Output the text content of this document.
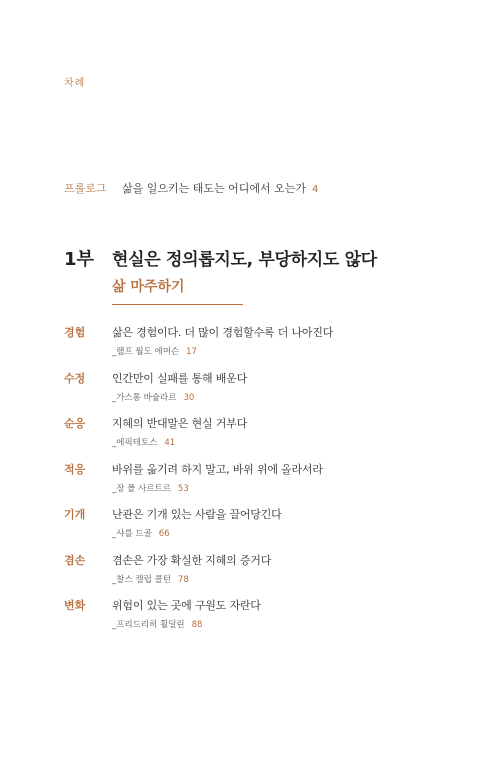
차례
프롤로그	삶을 일으키는 태도는 어디에서 오는가 4
1부	현실은 정의롭지도, 부당하지도 않다
삶 마주하기
경험 삶은 경험이다. 더 많이 경험할수록 더 나아진다
_랠프 월도 에머슨 17
수정 인간만이 실패를 통해 배운다
_가스통 바슐라르 30
순응 지혜의 반대말은 현실 거부다
_에픽테토스 41
적응 바위를 옮기려 하지 말고, 바위 위에 올라서라
_장 폴 사르트르 53
기개 난관은 기개 있는 사람을 끌어당긴다
_샤를 드골 66
겸손 겸손은 가장 확실한 지혜의 증거다
_찰스 캘럽 콜턴 78
변화 위험이 있는 곳에 구원도 자란다
_프리드리히 횔덜린 88
